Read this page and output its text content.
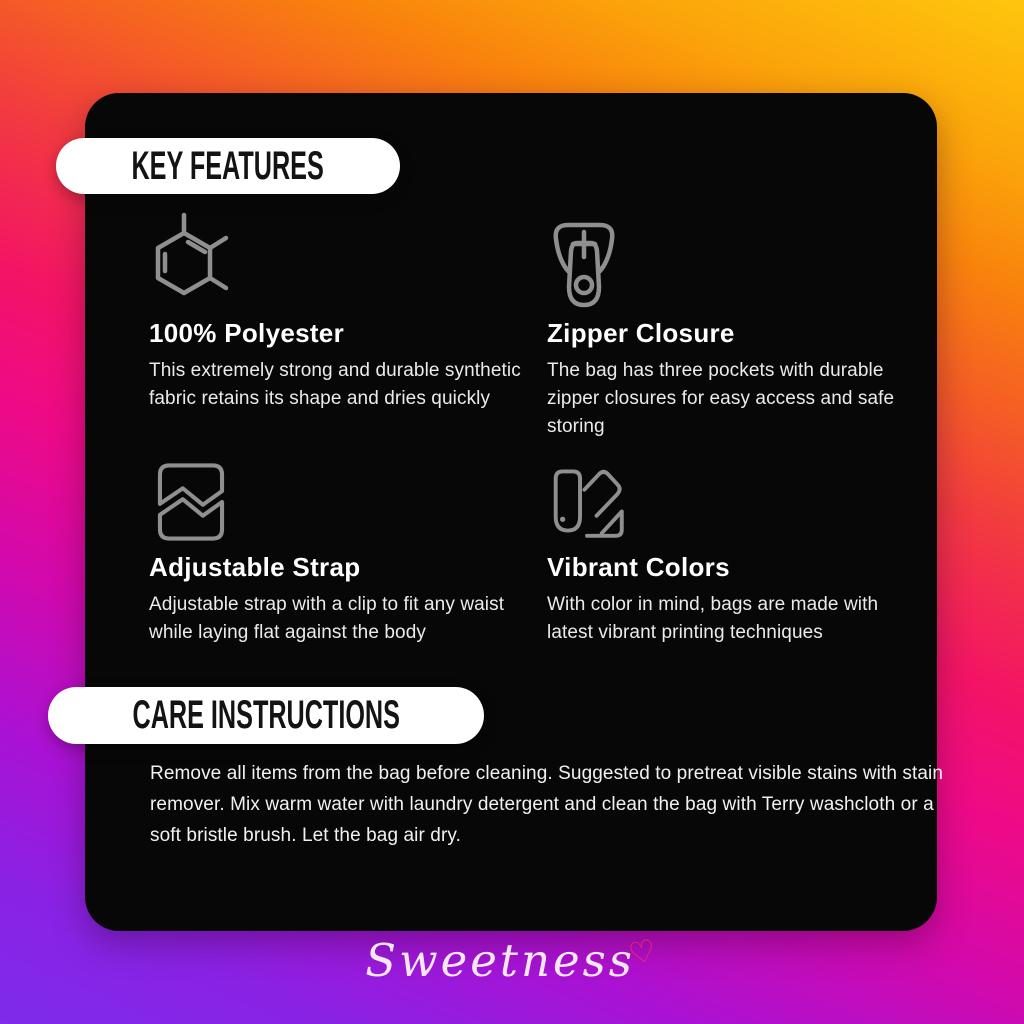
KEY FEATURES
100% Polyester
This extremely strong and durable synthetic fabric retains its shape and dries quickly
Zipper Closure
The bag has three pockets with durable zipper closures for easy access and safe storing
Adjustable Strap
Adjustable strap with a clip to fit any waist while laying flat against the body
Vibrant Colors
With color in mind, bags are made with latest vibrant printing techniques
CARE INSTRUCTIONS
Remove all items from the bag before cleaning. Suggested to pretreat visible stains with stain remover. Mix warm water with laundry detergent and clean the bag with Terry washcloth or a soft bristle brush. Let the bag air dry.
Sweetness♡
